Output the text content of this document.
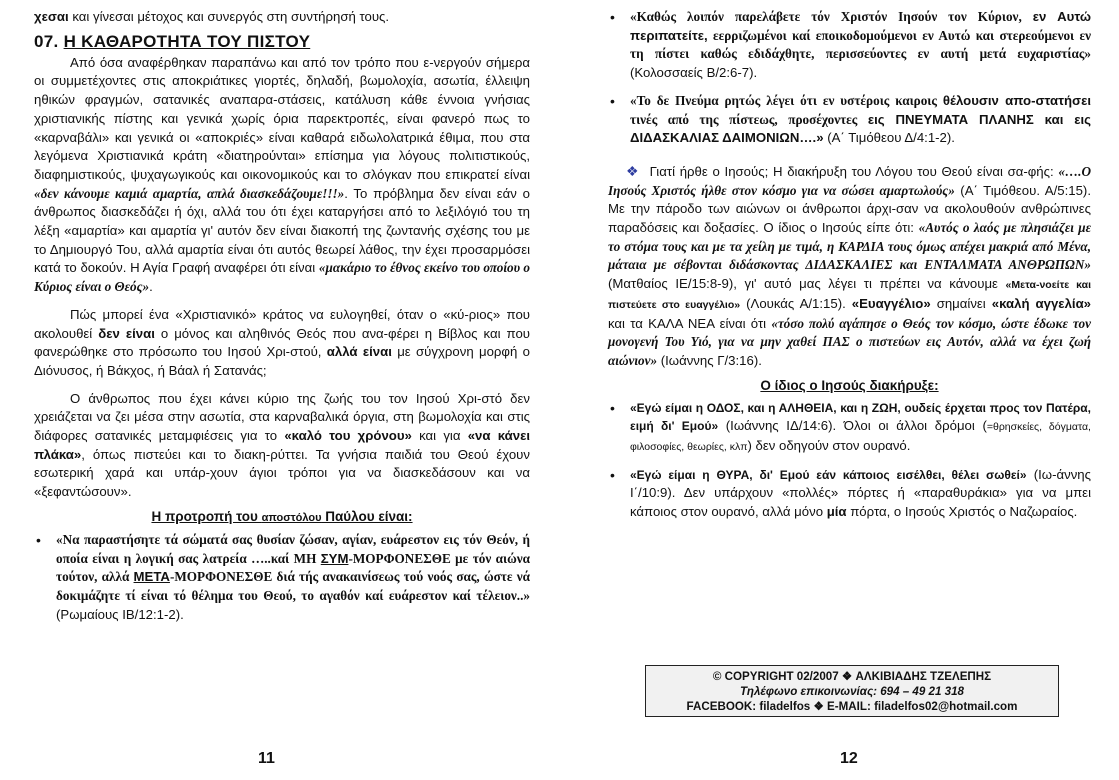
χεσαι και γίνεσαι μέτοχος και συνεργός στη συντήρησή τους.

07. Η ΚΑΘΑΡΟΤΗΤΑ ΤΟΥ ΠΙΣΤΟΥ

Από όσα αναφέρθηκαν παραπάνω και από τον τρόπο που ε-νεργούν σήμερα οι συμμετέχοντες στις αποκριάτικες γιορτές, δηλαδή, βωμολοχία, ασωτία, έλλειψη ηθικών φραγμών, σατανικές αναπαρα-στάσεις, κατάλυση κάθε έννοια γνήσιας χριστιανικής πίστης και γενικά χωρίς όρια παρεκτροπές, είναι φανερό πως το «καρναβάλι» και γενικά οι «αποκριές» είναι καθαρά ειδωλολατρικά έθιμα, που στα λεγόμενα Χριστιανικά κράτη «διατηρούνται» επίσημα για λόγους πολιτιστικούς, διαφημιστικούς, ψυχαγωγικούς και οικονομικούς και το σλόγκαν που επικρατεί είναι «δεν κάνουμε καμιά αμαρτία, απλά διασκεδάζουμε!!!». Το πρόβλημα δεν είναι εάν ο άνθρωπος διασκεδάζει ή όχι, αλλά του ότι έχει καταργήσει από το λεξιλόγιό του τη λέξη «αμαρτία» και αμαρτία γι' αυτόν δεν είναι διακοπή της ζωντανής σχέσης του με το Δημιουργό Του, αλλά αμαρτία είναι ότι αυτός θεωρεί λάθος, την έχει προσαρμόσει κατά το δοκούν. Η Αγία Γραφή αναφέρει ότι είναι «μακάριο το έθνος εκείνο του οποίου ο Κύριος είναι ο Θεός».

Πώς μπορεί ένα «Χριστιανικό» κράτος να ευλογηθεί, όταν ο «κύ-ριος» που ακολουθεί δεν είναι ο μόνος και αληθινός Θεός που ανα-φέρει η Βίβλος και που φανερώθηκε στο πρόσωπο του Ιησού Χρι-στού, αλλά είναι με σύγχρονη μορφή ο Διόνυσος, ή Βάκχος, ή Βάαλ ή Σατανάς;

Ο άνθρωπος που έχει κάνει κύριο της ζωής του τον Ιησού Χρι-στό δεν χρειάζεται να ζει μέσα στην ασωτία, στα καρναβαλικά όργια, στη βωμολοχία και στις διάφορες σατανικές μεταμφιέσεις για το «καλό του χρόνου» και για «να κάνει πλάκα», όπως πιστεύει και το διακη-ρύττει. Τα γνήσια παιδιά του Θεού έχουν εσωτερική χαρά και υπάρ-χουν άγιοι τρόποι για να διασκεδάσουν και να «ξεφαντώσουν».

Η προτροπή του αποστόλου Παύλου είναι:
• «Να παραστήσητε τά σώματά σας θυσίαν ζώσαν, αγίαν, ευάρεστον εις τόν Θεόν, ή οποία είναι η λογική σας λατρεία …..καί ΜΗ ΣΥΜ-ΜΟΡΦΟΝΕΣΘΕ με τόν αιώνα τούτον, αλλά ΜΕΤΑ-ΜΟΡΦΟΝΕΣΘΕ διά τής ανακαινίσεως τού νοός σας, ώστε νά δοκιμάζητε τί είναι τό θέλημα του Θεού, το αγαθόν καί ευάρεστον καί τέλειον..» (Ρωμαίους ΙΒ/12:1-2).
11
• «Καθώς λοιπόν παρελάβετε τόν Χριστόν Ιησούν τον Κύριον, εν Αυτώ περιπατείτε, εερριζωμένοι καί εποικοδομούμενοι εν Αυτώ και στερεούμενοι εν τη πίστει καθώς εδιδάχθητε, περισσεύοντες εν αυτή μετά ευχαριστίας» (Κολοσσαείς Β/2:6-7).
• «Το δε Πνεύμα ρητώς λέγει ότι εν υστέροις καιροις θέλουσιν απο-στατήσει τινές από της πίστεως, προσέχοντες εις ΠΝΕΥΜΑΤΑ ΠΛΑΝΗΣ και εις ΔΙΔΑΣΚΑΛΙΑΣ ΔΑΙΜΟΝΙΩΝ….» (Α΄ Τιμόθεου Δ/4:1-2).

❖ Γιατί ήρθε ο Ιησούς; Η διακήρυξη του Λόγου του Θεού είναι σα-φής: «….Ο Ιησούς Χριστός ήλθε στον κόσμο για να σώσει αμαρτωλούς» (Α΄ Τιμόθεου. Α/5:15). Με την πάροδο των αιώνων οι άνθρωποι άρχι-σαν να ακολουθούν ανθρώπινες παραδόσεις και δοξασίες. Ο ίδιος ο Ιησούς είπε ότι: «Αυτός ο λαός με πλησιάζει με το στόμα τους και με τα χείλη με τιμά, η ΚΑΡΔΙΑ τους όμως απέχει μακριά από Μένα, μάταια με σέβονται διδάσκοντας ΔΙΔΑΣΚΑΛΙΕΣ και ΕΝΤΑΛΜΑΤΑ ΑΝΘΡΩΠΩΝ» (Ματθαίος ΙΕ/15:8-9), γι' αυτό μας λέγει τι πρέπει να κάνουμε «Μετα-νοείτε και πιστεύετε στο ευαγγέλιο» (Λουκάς Α/1:15). «Ευαγγέλιο» σημαίνει «καλή αγγελία» και τα ΚΑΛΑ ΝΕΑ είναι ότι «τόσο πολύ αγάπησε ο Θεός τον κόσμο, ώστε έδωκε τον μονογενή Του Υιό, για να μην χαθεί ΠΑΣ ο πιστεύων εις Αυτόν, αλλά να έχει ζωή αιώνιον» (Ιωάννης Γ/3:16).

Ο ίδιος ο Ιησούς διακήρυξε:
• «Εγώ είμαι η ΟΔΟΣ, και η ΑΛΗΘΕΙΑ, και η ΖΩΗ, ουδείς έρχεται προς τον Πατέρα, ειμή δι' Εμού» (Ιωάννης ΙΔ/14:6). Όλοι οι άλλοι δρόμοι (=θρησκείες, δόγματα, φιλοσοφίες, θεωρίες, κλπ) δεν οδηγούν στον ουρανό.
• «Εγώ είμαι η ΘΥΡΑ, δι' Εμού εάν κάποιος εισέλθει, θέλει σωθεί» (Ιω-άννης Ι΄/10:9). Δεν υπάρχουν «πολλές» πόρτες ή «παραθυράκια» για να μπει κάποιος στον ουρανό, αλλά μόνο μία πόρτα, ο Ιησούς Χριστός ο Ναζωραίος.
12
© COPYRIGHT 02/2007 ❖ ΑΛΚΙΒΙΑΔΗΣ ΤΖΕΛΕΠΗΣ
Τηλέφωνο επικοινωνίας: 694 – 49 21 318
FACEBOOK: filadelfos ❖ E-MAIL: filadelfos02@hotmail.com
